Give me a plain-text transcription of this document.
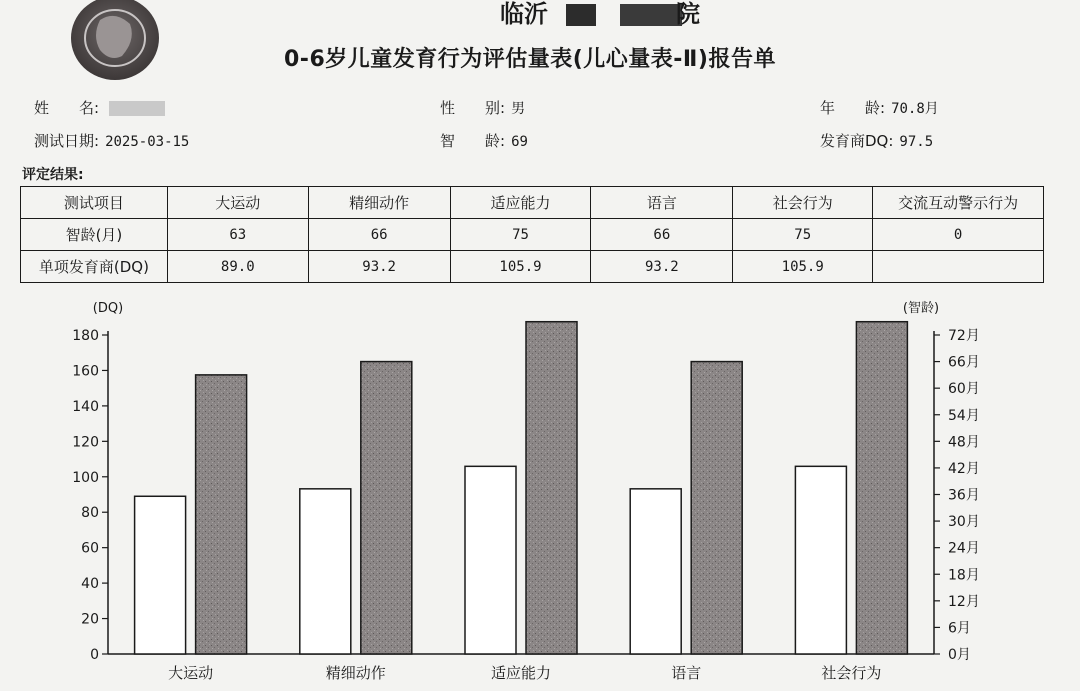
临沂	院
0-6岁儿童发育行为评估量表(儿心量表-Ⅱ)报告单
姓　　名:	性　　别: 男	年　　龄: 70.8月
测试日期: 2025-03-15	智　　龄: 69	发育商DQ: 97.5
评定结果:
测试项目	大运动	精细动作	适应能力	语言	社会行为	交流互动警示行为
智龄(月)	63	66	75	66	75	0
单项发育商(DQ)	89.0	93.2	105.9	93.2	105.9	
(DQ)	(智龄)
0
20
40
60
80
100
120
140
160
180
0月
6月
12月
18月
24月
30月
36月
42月
48月
54月
60月
66月
72月
大运动	精细动作	适应能力	语言	社会行为
